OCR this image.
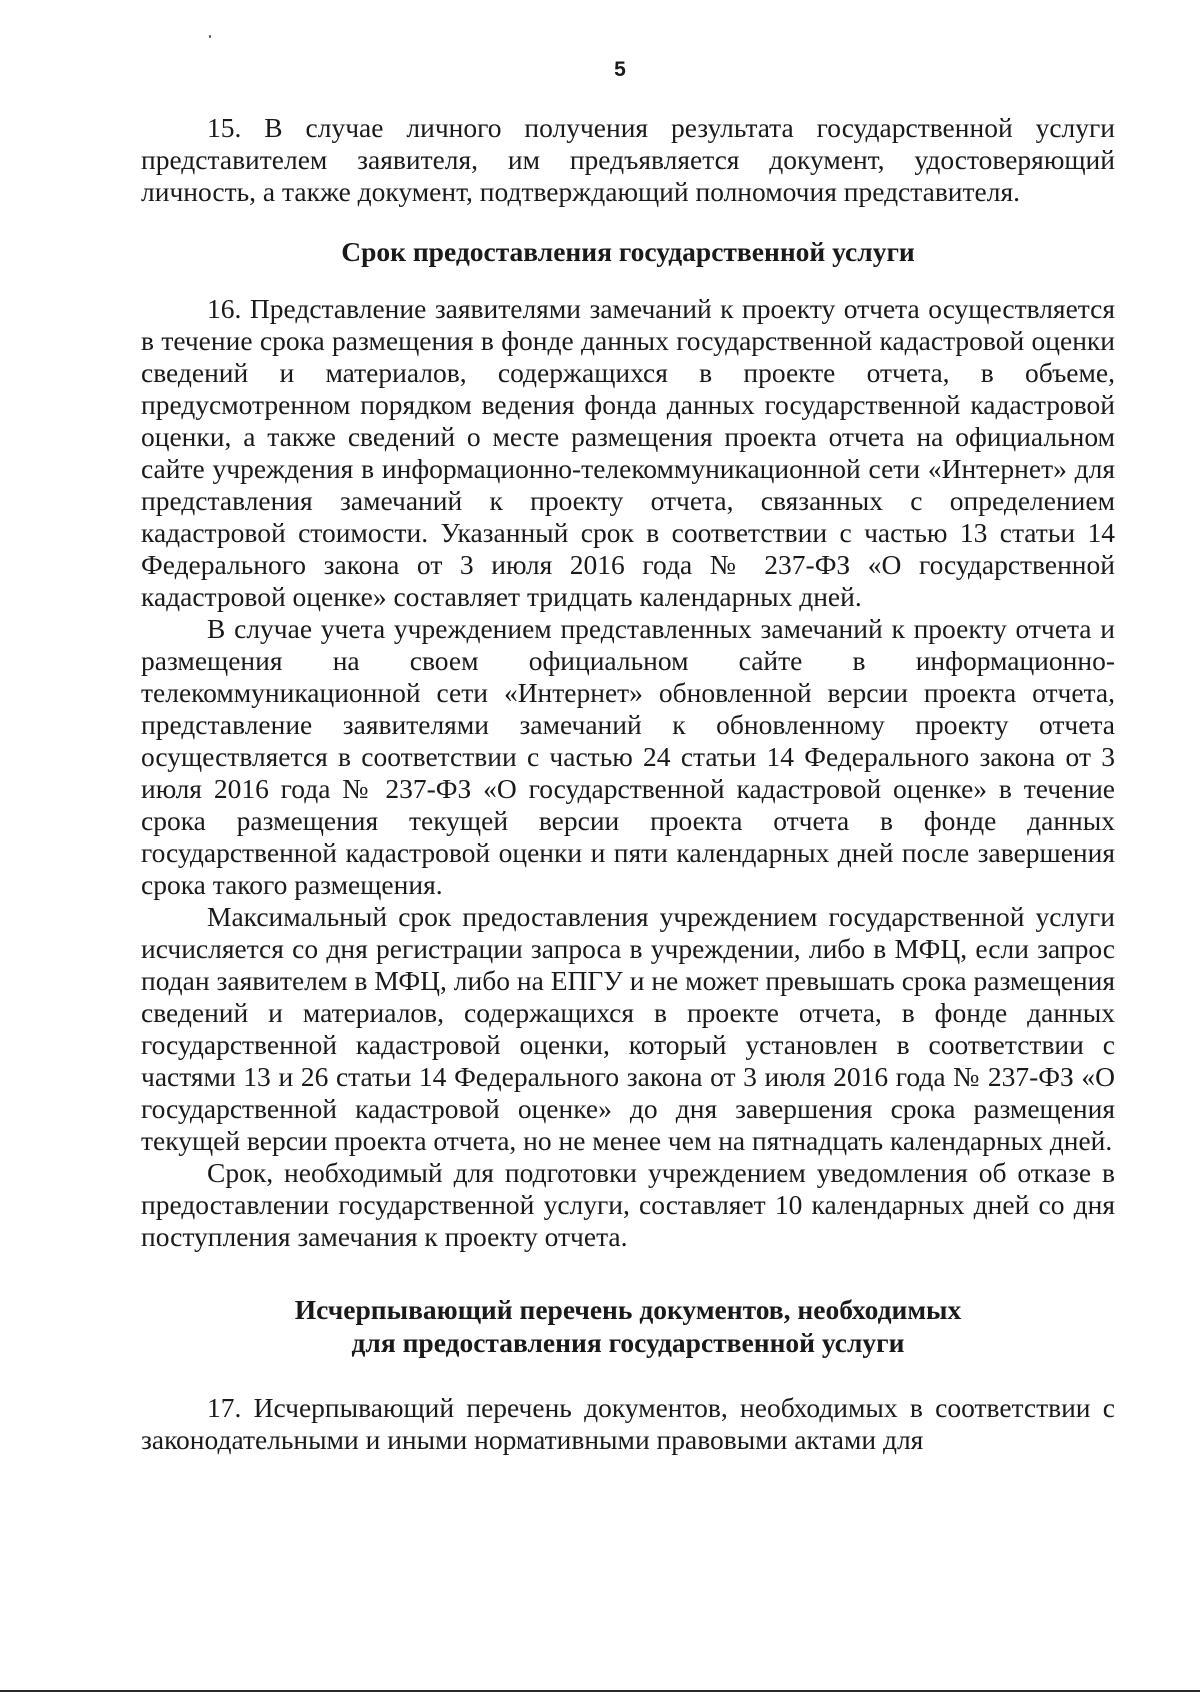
5

15. В случае личного получения результата государственной услуги представителем заявителя, им предъявляется документ, удостоверяющий личность, а также документ, подтверждающий полномочия представителя.

Срок предоставления государственной услуги

16. Представление заявителями замечаний к проекту отчета осуществляется в течение срока размещения в фонде данных государственной кадастровой оценки сведений и материалов, содержащихся в проекте отчета, в объеме, предусмотренном порядком ведения фонда данных государственной кадастровой оценки, а также сведений о месте размещения проекта отчета на официальном сайте учреждения в информационно-телекоммуникационной сети «Интернет» для представления замечаний к проекту отчета, связанных с определением кадастровой стоимости. Указанный срок в соответствии с частью 13 статьи 14 Федерального закона от 3 июля 2016 года № 237-ФЗ «О государственной кадастровой оценке» составляет тридцать календарных дней.

В случае учета учреждением представленных замечаний к проекту отчета и размещения на своем официальном сайте в информационно-телекоммуникационной сети «Интернет» обновленной версии проекта отчета, представление заявителями замечаний к обновленному проекту отчета осуществляется в соответствии с частью 24 статьи 14 Федерального закона от 3 июля 2016 года № 237-ФЗ «О государственной кадастровой оценке» в течение срока размещения текущей версии проекта отчета в фонде данных государственной кадастровой оценки и пяти календарных дней после завершения срока такого размещения.

Максимальный срок предоставления учреждением государственной услуги исчисляется со дня регистрации запроса в учреждении, либо в МФЦ, если запрос подан заявителем в МФЦ, либо на ЕПГУ и не может превышать срока размещения сведений и материалов, содержащихся в проекте отчета, в фонде данных государственной кадастровой оценки, который установлен в соответствии с частями 13 и 26 статьи 14 Федерального закона от 3 июля 2016 года № 237-ФЗ «О государственной кадастровой оценке» до дня завершения срока размещения текущей версии проекта отчета, но не менее чем на пятнадцать календарных дней.

Срок, необходимый для подготовки учреждением уведомления об отказе в предоставлении государственной услуги, составляет 10 календарных дней со дня поступления замечания к проекту отчета.

Исчерпывающий перечень документов, необходимых
для предоставления государственной услуги

17. Исчерпывающий перечень документов, необходимых в соответствии с законодательными и иными нормативными правовыми актами для
